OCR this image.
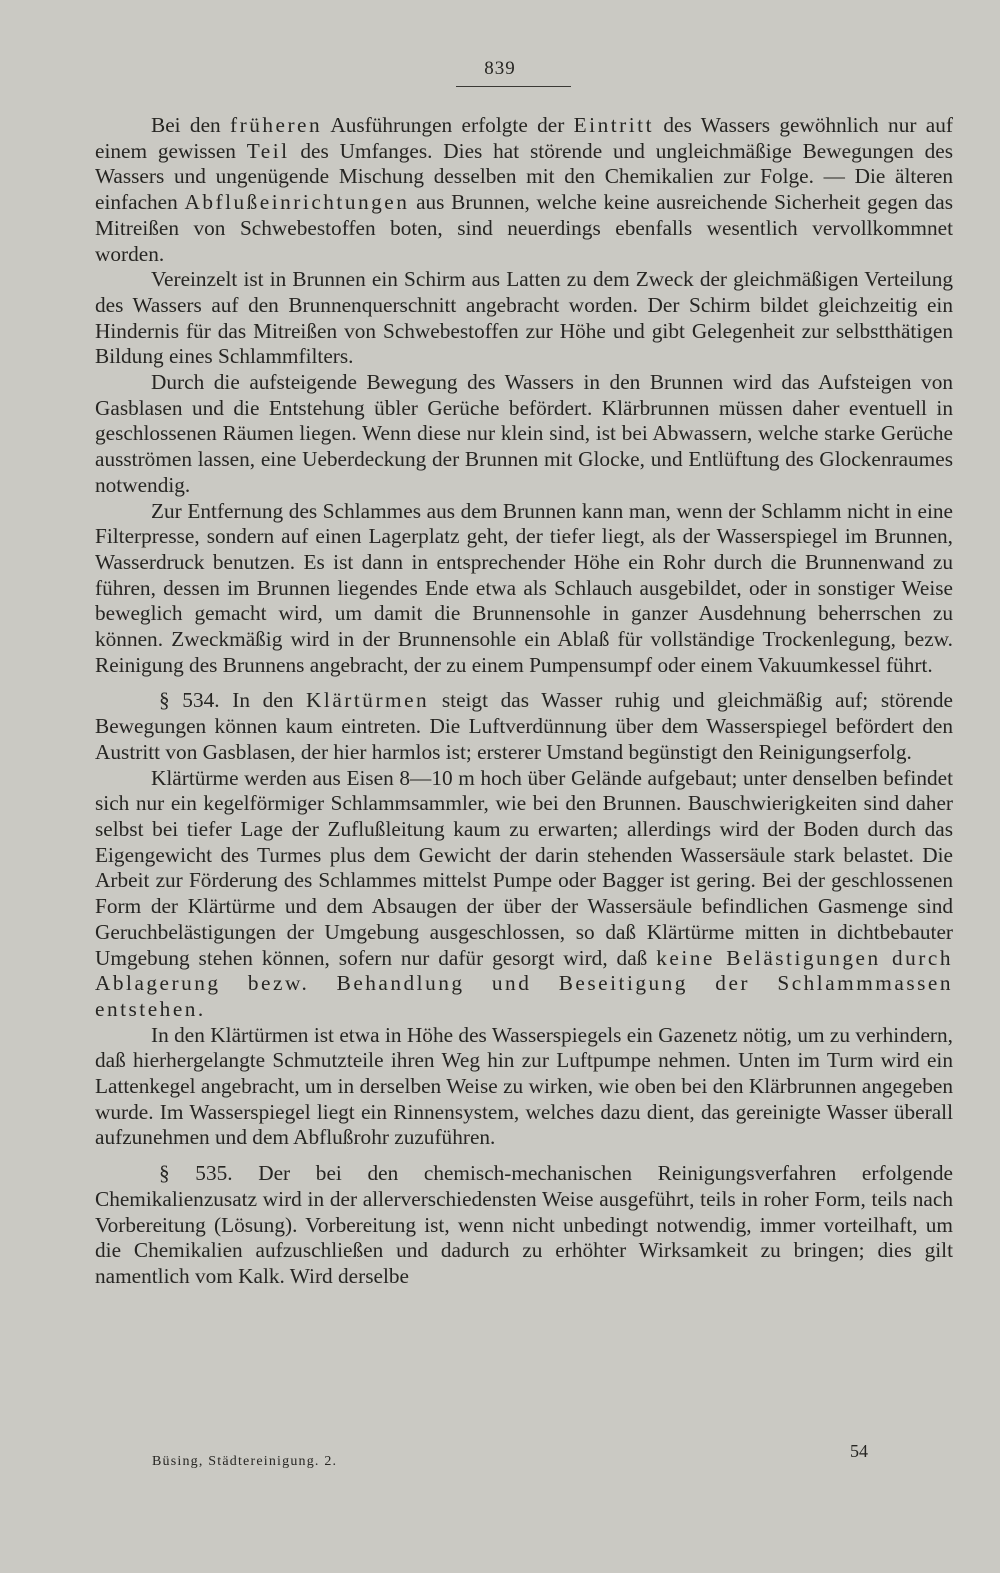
839

Bei den früheren Ausführungen erfolgte der Eintritt des Wassers gewöhnlich nur auf einem gewissen Teil des Umfanges. Dies hat störende und ungleichmäßige Bewegungen des Wassers und ungenügende Mischung desselben mit den Chemikalien zur Folge. — Die älteren einfachen Abflußeinrichtungen aus Brunnen, welche keine ausreichende Sicherheit gegen das Mitreißen von Schwebestoffen boten, sind neuerdings ebenfalls wesentlich vervollkommnet worden.

Vereinzelt ist in Brunnen ein Schirm aus Latten zu dem Zweck der gleichmäßigen Verteilung des Wassers auf den Brunnenquerschnitt angebracht worden. Der Schirm bildet gleichzeitig ein Hindernis für das Mitreißen von Schwebestoffen zur Höhe und gibt Gelegenheit zur selbstthätigen Bildung eines Schlammfilters.

Durch die aufsteigende Bewegung des Wassers in den Brunnen wird das Aufsteigen von Gasblasen und die Entstehung übler Gerüche befördert. Klärbrunnen müssen daher eventuell in geschlossenen Räumen liegen. Wenn diese nur klein sind, ist bei Abwassern, welche starke Gerüche ausströmen lassen, eine Ueberdeckung der Brunnen mit Glocke, und Entlüftung des Glockenraumes notwendig.

Zur Entfernung des Schlammes aus dem Brunnen kann man, wenn der Schlamm nicht in eine Filterpresse, sondern auf einen Lagerplatz geht, der tiefer liegt, als der Wasserspiegel im Brunnen, Wasserdruck benutzen. Es ist dann in entsprechender Höhe ein Rohr durch die Brunnenwand zu führen, dessen im Brunnen liegendes Ende etwa als Schlauch ausgebildet, oder in sonstiger Weise beweglich gemacht wird, um damit die Brunnensohle in ganzer Ausdehnung beherrschen zu können. Zweckmäßig wird in der Brunnensohle ein Ablaß für vollständige Trockenlegung, bezw. Reinigung des Brunnens angebracht, der zu einem Pumpensumpf oder einem Vakuumkessel führt.

§ 534. In den Klärtürmen steigt das Wasser ruhig und gleichmäßig auf; störende Bewegungen können kaum eintreten. Die Luftverdünnung über dem Wasserspiegel befördert den Austritt von Gasblasen, der hier harmlos ist; ersterer Umstand begünstigt den Reinigungserfolg.

Klärtürme werden aus Eisen 8—10 m hoch über Gelände aufgebaut; unter denselben befindet sich nur ein kegelförmiger Schlammsammler, wie bei den Brunnen. Bauschwierigkeiten sind daher selbst bei tiefer Lage der Zuflußleitung kaum zu erwarten; allerdings wird der Boden durch das Eigengewicht des Turmes plus dem Gewicht der darin stehenden Wassersäule stark belastet. Die Arbeit zur Förderung des Schlammes mittelst Pumpe oder Bagger ist gering. Bei der geschlossenen Form der Klärtürme und dem Absaugen der über der Wassersäule befindlichen Gasmenge sind Geruchbelästigungen der Umgebung ausgeschlossen, so daß Klärtürme mitten in dichtbebauter Umgebung stehen können, sofern nur dafür gesorgt wird, daß keine Belästigungen durch Ablagerung bezw. Behandlung und Beseitigung der Schlammmassen entstehen.

In den Klärtürmen ist etwa in Höhe des Wasserspiegels ein Gazenetz nötig, um zu verhindern, daß hierhergelangte Schmutzteile ihren Weg hin zur Luftpumpe nehmen. Unten im Turm wird ein Lattenkegel angebracht, um in derselben Weise zu wirken, wie oben bei den Klärbrunnen angegeben wurde. Im Wasserspiegel liegt ein Rinnensystem, welches dazu dient, das gereinigte Wasser überall aufzunehmen und dem Abflußrohr zuzuführen.

§ 535. Der bei den chemisch-mechanischen Reinigungsverfahren erfolgende Chemikalienzusatz wird in der allerverschiedensten Weise ausgeführt, teils in roher Form, teils nach Vorbereitung (Lösung). Vorbereitung ist, wenn nicht unbedingt notwendig, immer vorteilhaft, um die Chemikalien aufzuschließen und dadurch zu erhöhter Wirksamkeit zu bringen; dies gilt namentlich vom Kalk. Wird derselbe

Büsing, Städtereinigung. 2.
54
